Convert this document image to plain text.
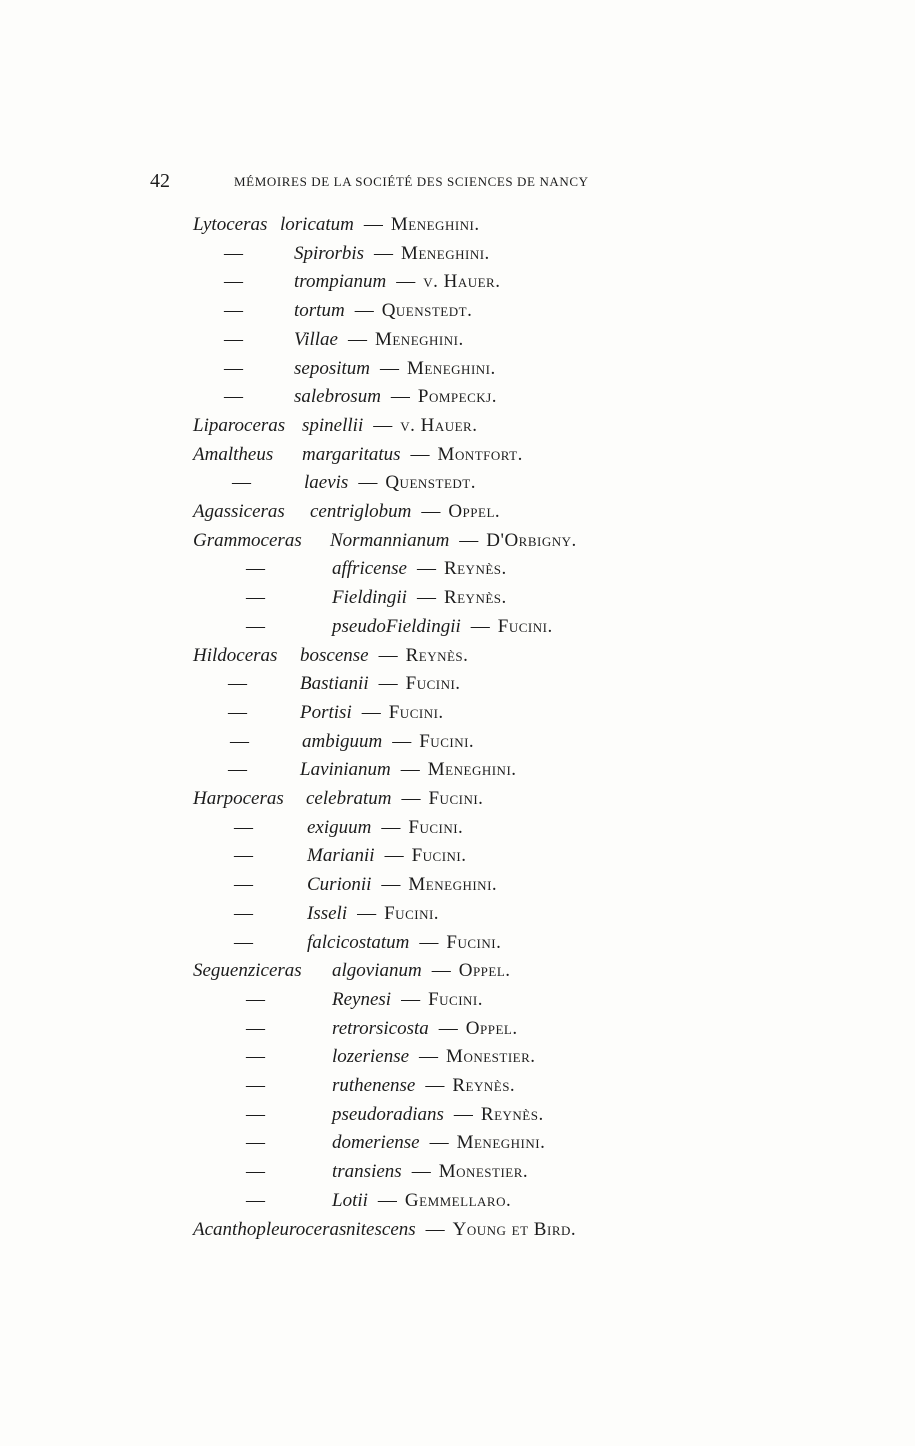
42	MÉMOIRES DE LA SOCIÉTÉ DES SCIENCES DE NANCY
Lytoceras loricatum — Meneghini.
—	Spirorbis — Meneghini.
—	trompianum — v. Hauer.
—	tortum — Quenstedt.
—	Villae — Meneghini.
—	sepositum — Meneghini.
—	salebrosum — Pompeckj.
Liparoceras spinellii — v. Hauer.
Amaltheus margaritatus — Montfort.
—	laevis — Quenstedt.
Agassiceras centriglobum — Oppel.
Grammoceras Normannianum — D'Orbigny.
—	affricense — Reynès.
—	Fieldingii — Reynès.
—	pseudoFieldingii — Fucini.
Hildoceras boscense — Reynès.
—	Bastianii — Fucini.
—	Portisi — Fucini.
—	ambiguum — Fucini.
—	Lavinianum — Meneghini.
Harpoceras celebratum — Fucini.
—	exiguum — Fucini.
—	Marianii — Fucini.
—	Curionii — Meneghini.
—	Isseli — Fucini.
—	falcicostatum — Fucini.
Seguenziceras algovianum — Oppel.
—	Reynesi — Fucini.
—	retrorsicosta — Oppel.
—	lozeriense — Monestier.
—	ruthenense — Reynès.
—	pseudoradians — Reynès.
—	domeriense — Meneghini.
—	transiens — Monestier.
—	Lotii — Gemmellaro.
Acanthopleuroceras nitescens — Young et Bird.
